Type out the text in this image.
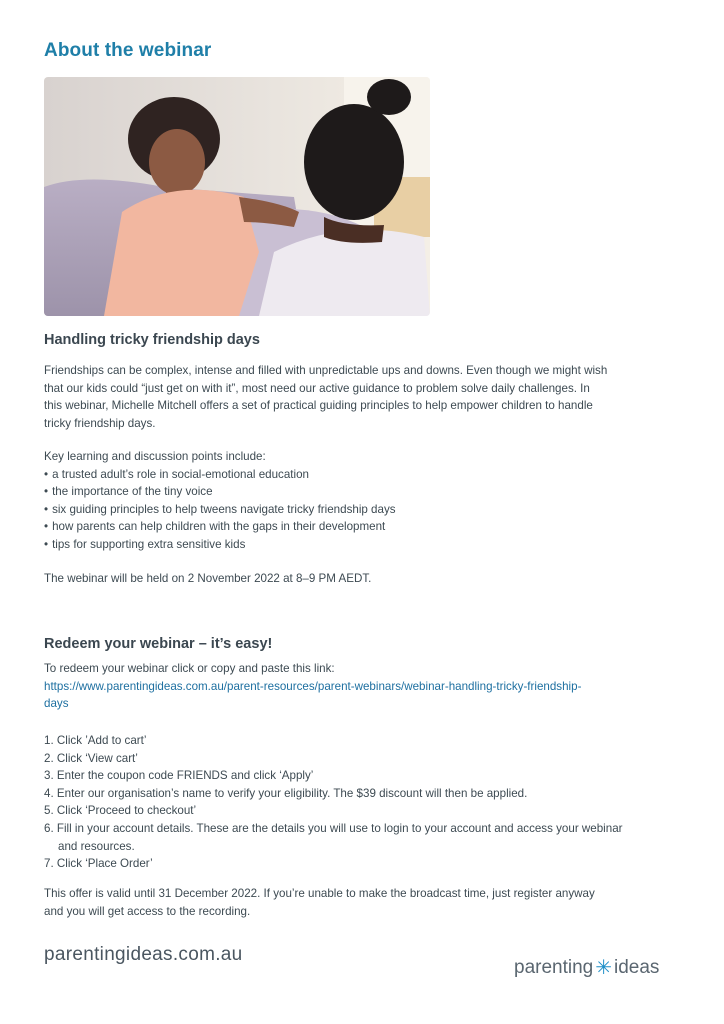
About the webinar
Handling tricky friendship days

Friendships can be complex, intense and filled with unpredictable ups and downs. Even though we might wish

that our kids could “just get on with it”, most need our active guidance to problem solve daily challenges. In

this webinar, Michelle Mitchell offers a set of practical guiding principles to help empower children to handle

tricky friendship days.

Key learning and discussion points include:

• a trusted adult’s role in social-emotional education
• the importance of the tiny voice
• six guiding principles to help tweens navigate tricky friendship days
• how parents can help children with the gaps in their development
• tips for supporting extra sensitive kids

The webinar will be held on 2 November 2022 at 8–9 PM AEDT.

Redeem your webinar – it’s easy!

To redeem your webinar click or copy and paste this link:

https://www.parentingideas.com.au/parent-resources/parent-webinars/webinar-handling-tricky-friendship-
days
1. Click ’Add to cart’
2. Click ‘View cart’
3. Enter the coupon code FRIENDS and click ‘Apply’
4. Enter our organisation’s name to verify your eligibility. The $39 discount will then be applied.
5. Click ‘Proceed to checkout’
6. Fill in your account details. These are the details you will use to login to your account and access your webinar and resources.
7. Click ‘Place Order’

This offer is valid until 31 December 2022. If you’re unable to make the broadcast time, just register anyway

and you will get access to the recording.

parentingideas.com.au
parenting ✳ ideas
